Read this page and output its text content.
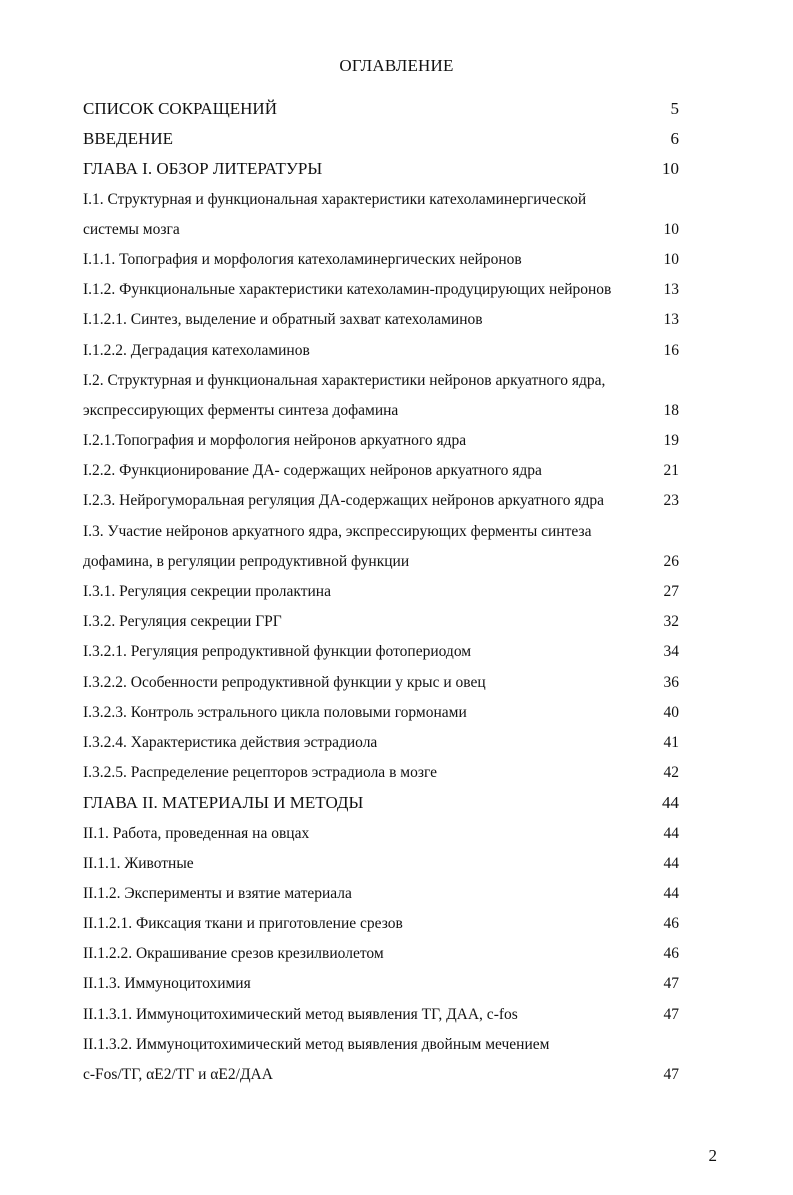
ОГЛАВЛЕНИЕ
СПИСОК СОКРАЩЕНИЙ	5
ВВЕДЕНИЕ	6
ГЛАВА I. ОБЗОР ЛИТЕРАТУРЫ	10
I.1. Структурная и функциональная характеристики катехоламинергической
системы мозга	10
I.1.1. Топография и морфология катехоламинергических нейронов	10
I.1.2. Функциональные характеристики катехоламин-продуцирующих нейронов	13
I.1.2.1. Синтез, выделение и обратный захват катехоламинов	13
I.1.2.2. Деградация катехоламинов	16
I.2. Структурная и функциональная характеристики нейронов аркуатного ядра,
экспрессирующих ферменты синтеза дофамина	18
I.2.1.Топография и морфология нейронов аркуатного ядра	19
I.2.2. Функционирование ДА- содержащих нейронов аркуатного ядра	21
I.2.3. Нейрогуморальная регуляция ДА-содержащих нейронов аркуатного ядра	23
I.3. Участие нейронов аркуатного ядра, экспрессирующих ферменты синтеза
дофамина, в регуляции репродуктивной функции	26
I.3.1. Регуляция секреции пролактина	27
I.3.2. Регуляция секреции ГРГ	32
I.3.2.1. Регуляция репродуктивной функции фотопериодом	34
I.3.2.2. Особенности репродуктивной функции у крыс и овец	36
I.3.2.3. Контроль эстрального цикла половыми гормонами	40
I.3.2.4. Характеристика действия эстрадиола	41
I.3.2.5. Распределение рецепторов эстрадиола в мозге	42
ГЛАВА II. МАТЕРИАЛЫ И МЕТОДЫ	44
II.1. Работа, проведенная на овцах	44
II.1.1. Животные	44
II.1.2. Эксперименты и взятие материала	44
II.1.2.1. Фиксация ткани и приготовление срезов	46
II.1.2.2. Окрашивание срезов крезилвиолетом	46
II.1.3. Иммуноцитохимия	47
II.1.3.1. Иммуноцитохимический метод выявления ТГ, ДАА, c-fos	47
II.1.3.2. Иммуноцитохимический метод выявления двойным мечением
c-Fos/ТГ, αE2/ТГ и αE2/ДАА	47
2
